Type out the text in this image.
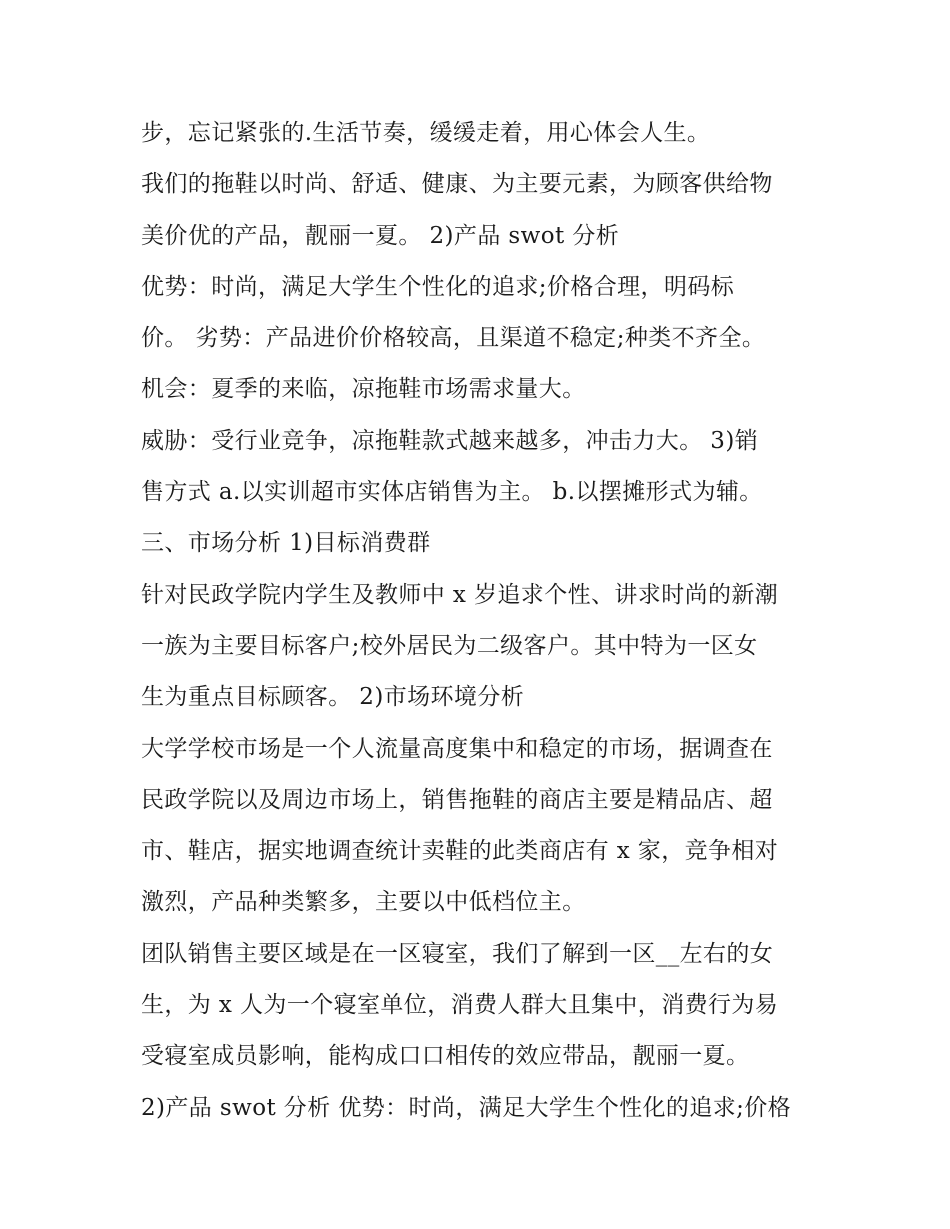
步，忘记紧张的.生活节奏，缓缓走着，用心体会人生。
我们的拖鞋以时尚、舒适、健康、为主要元素，为顾客供给物
美价优的产品，靓丽一夏。 2)产品 swot 分析
优势：时尚，满足大学生个性化的追求;价格合理，明码标
价。 劣势：产品进价价格较高，且渠道不稳定;种类不齐全。
机会：夏季的来临，凉拖鞋市场需求量大。
威胁：受行业竞争，凉拖鞋款式越来越多，冲击力大。 3)销
售方式 a.以实训超市实体店销售为主。 b.以摆摊形式为辅。
三、市场分析 1)目标消费群
针对民政学院内学生及教师中 x 岁追求个性、讲求时尚的新潮
一族为主要目标客户;校外居民为二级客户。其中特为一区女
生为重点目标顾客。 2)市场环境分析
大学学校市场是一个人流量高度集中和稳定的市场，据调查在
民政学院以及周边市场上，销售拖鞋的商店主要是精品店、超
市、鞋店，据实地调查统计卖鞋的此类商店有 x 家，竞争相对
激烈，产品种类繁多，主要以中低档位主。
团队销售主要区域是在一区寝室，我们了解到一区__左右的女
生，为 x 人为一个寝室单位，消费人群大且集中，消费行为易
受寝室成员影响，能构成口口相传的效应带品，靓丽一夏。
2)产品 swot 分析 优势：时尚，满足大学生个性化的追求;价格
